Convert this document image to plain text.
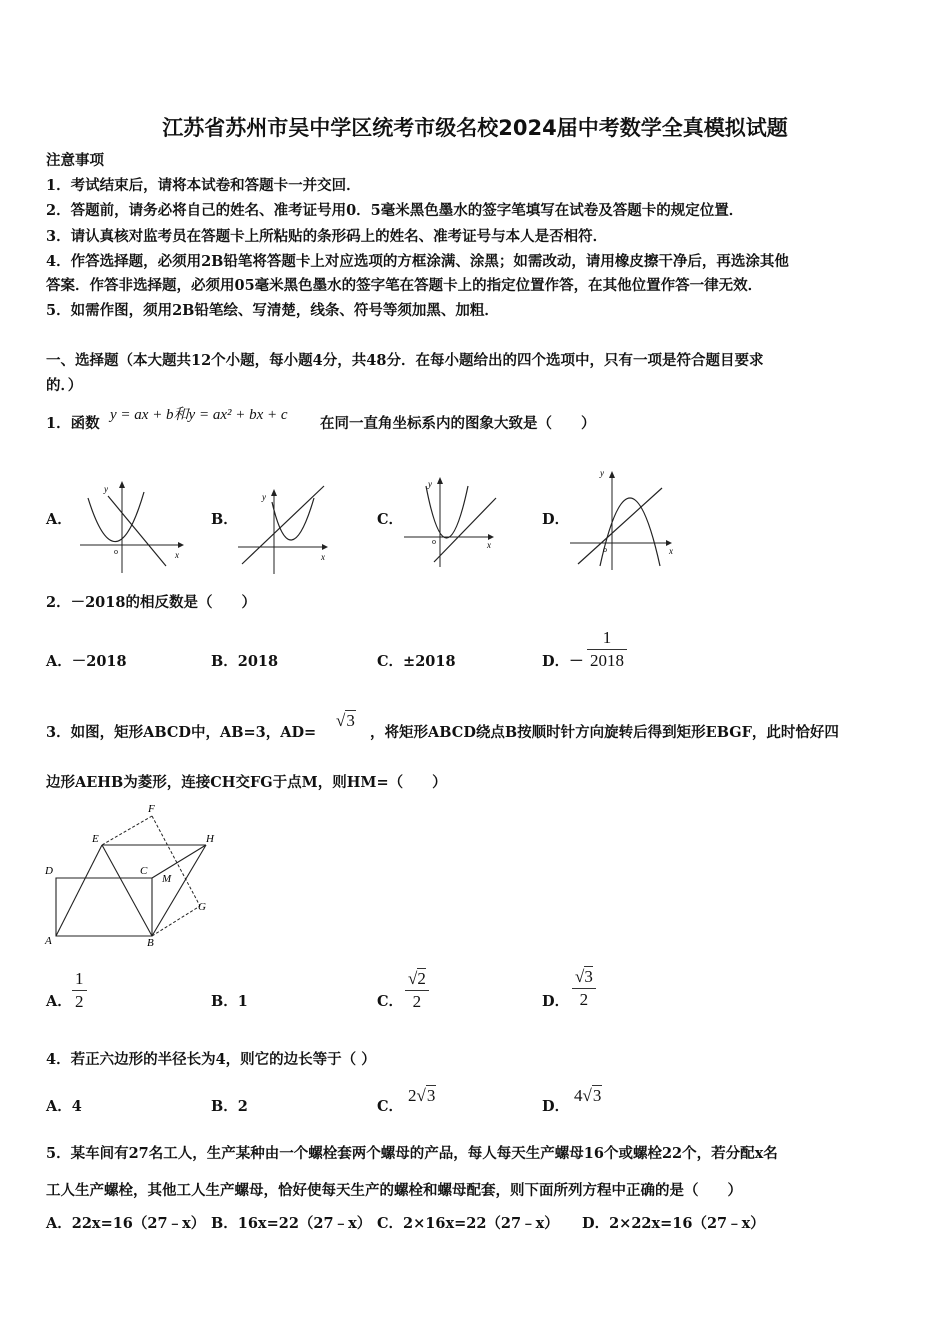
江苏省苏州市吴中学区统考市级名校2024届中考数学全真模拟试题
注意事项
1．考试结束后，请将本试卷和答题卡一并交回．
2．答题前，请务必将自己的姓名、准考证号用0．5毫米黑色墨水的签字笔填写在试卷及答题卡的规定位置．
3．请认真核对监考员在答题卡上所粘贴的条形码上的姓名、准考证号与本人是否相符．
4．作答选择题，必须用2B铅笔将答题卡上对应选项的方框涂满、涂黑；如需改动，请用橡皮擦干净后，再选涂其他
答案．作答非选择题，必须用05毫米黑色墨水的签字笔在答题卡上的指定位置作答，在其他位置作答一律无效．
5．如需作图，须用2B铅笔绘、写清楚，线条、符号等须加黑、加粗．
一、选择题（本大题共12个小题，每小题4分，共48分．在每小题给出的四个选项中，只有一项是符合题目要求
的．）
1．函数 y = ax + b和y = ax² + bx + c 在同一直角坐标系内的图象大致是（　　）
A．	B．	C．	D．
y
x
o
y
x
y
x
o
y
x
o
2．－2018的相反数是（　　）
A．－2018	B．2018	C．±2018	D．－ $\frac{1}{2018}$
3．如图，矩形ABCD中，AB=3，AD=
√3
，将矩形ABCD绕点B按顺时针方向旋转后得到矩形EBGF，此时恰好四
边形AEHB为菱形，连接CH交FG于点M，则HM=（　　）
A	B
C
D
E
F
G
H
M
A． $\frac{1}{2}$	B．1	C． $\frac{√2}{2}$	D． $\frac{√3}{2}$
4．若正六边形的半径长为4，则它的边长等于（ ）
A．4	B．2	C．
2√3
D．
4√3
5．某车间有27名工人，生产某种由一个螺栓套两个螺母的产品，每人每天生产螺母16个或螺栓22个，若分配x名
工人生产螺栓，其他工人生产螺母，恰好使每天生产的螺栓和螺母配套，则下面所列方程中正确的是（　　）
A．22x=16（27﹣x） B．16x=22（27﹣x） C．2×16x=22（27﹣x） D．2×22x=16（27﹣x）
